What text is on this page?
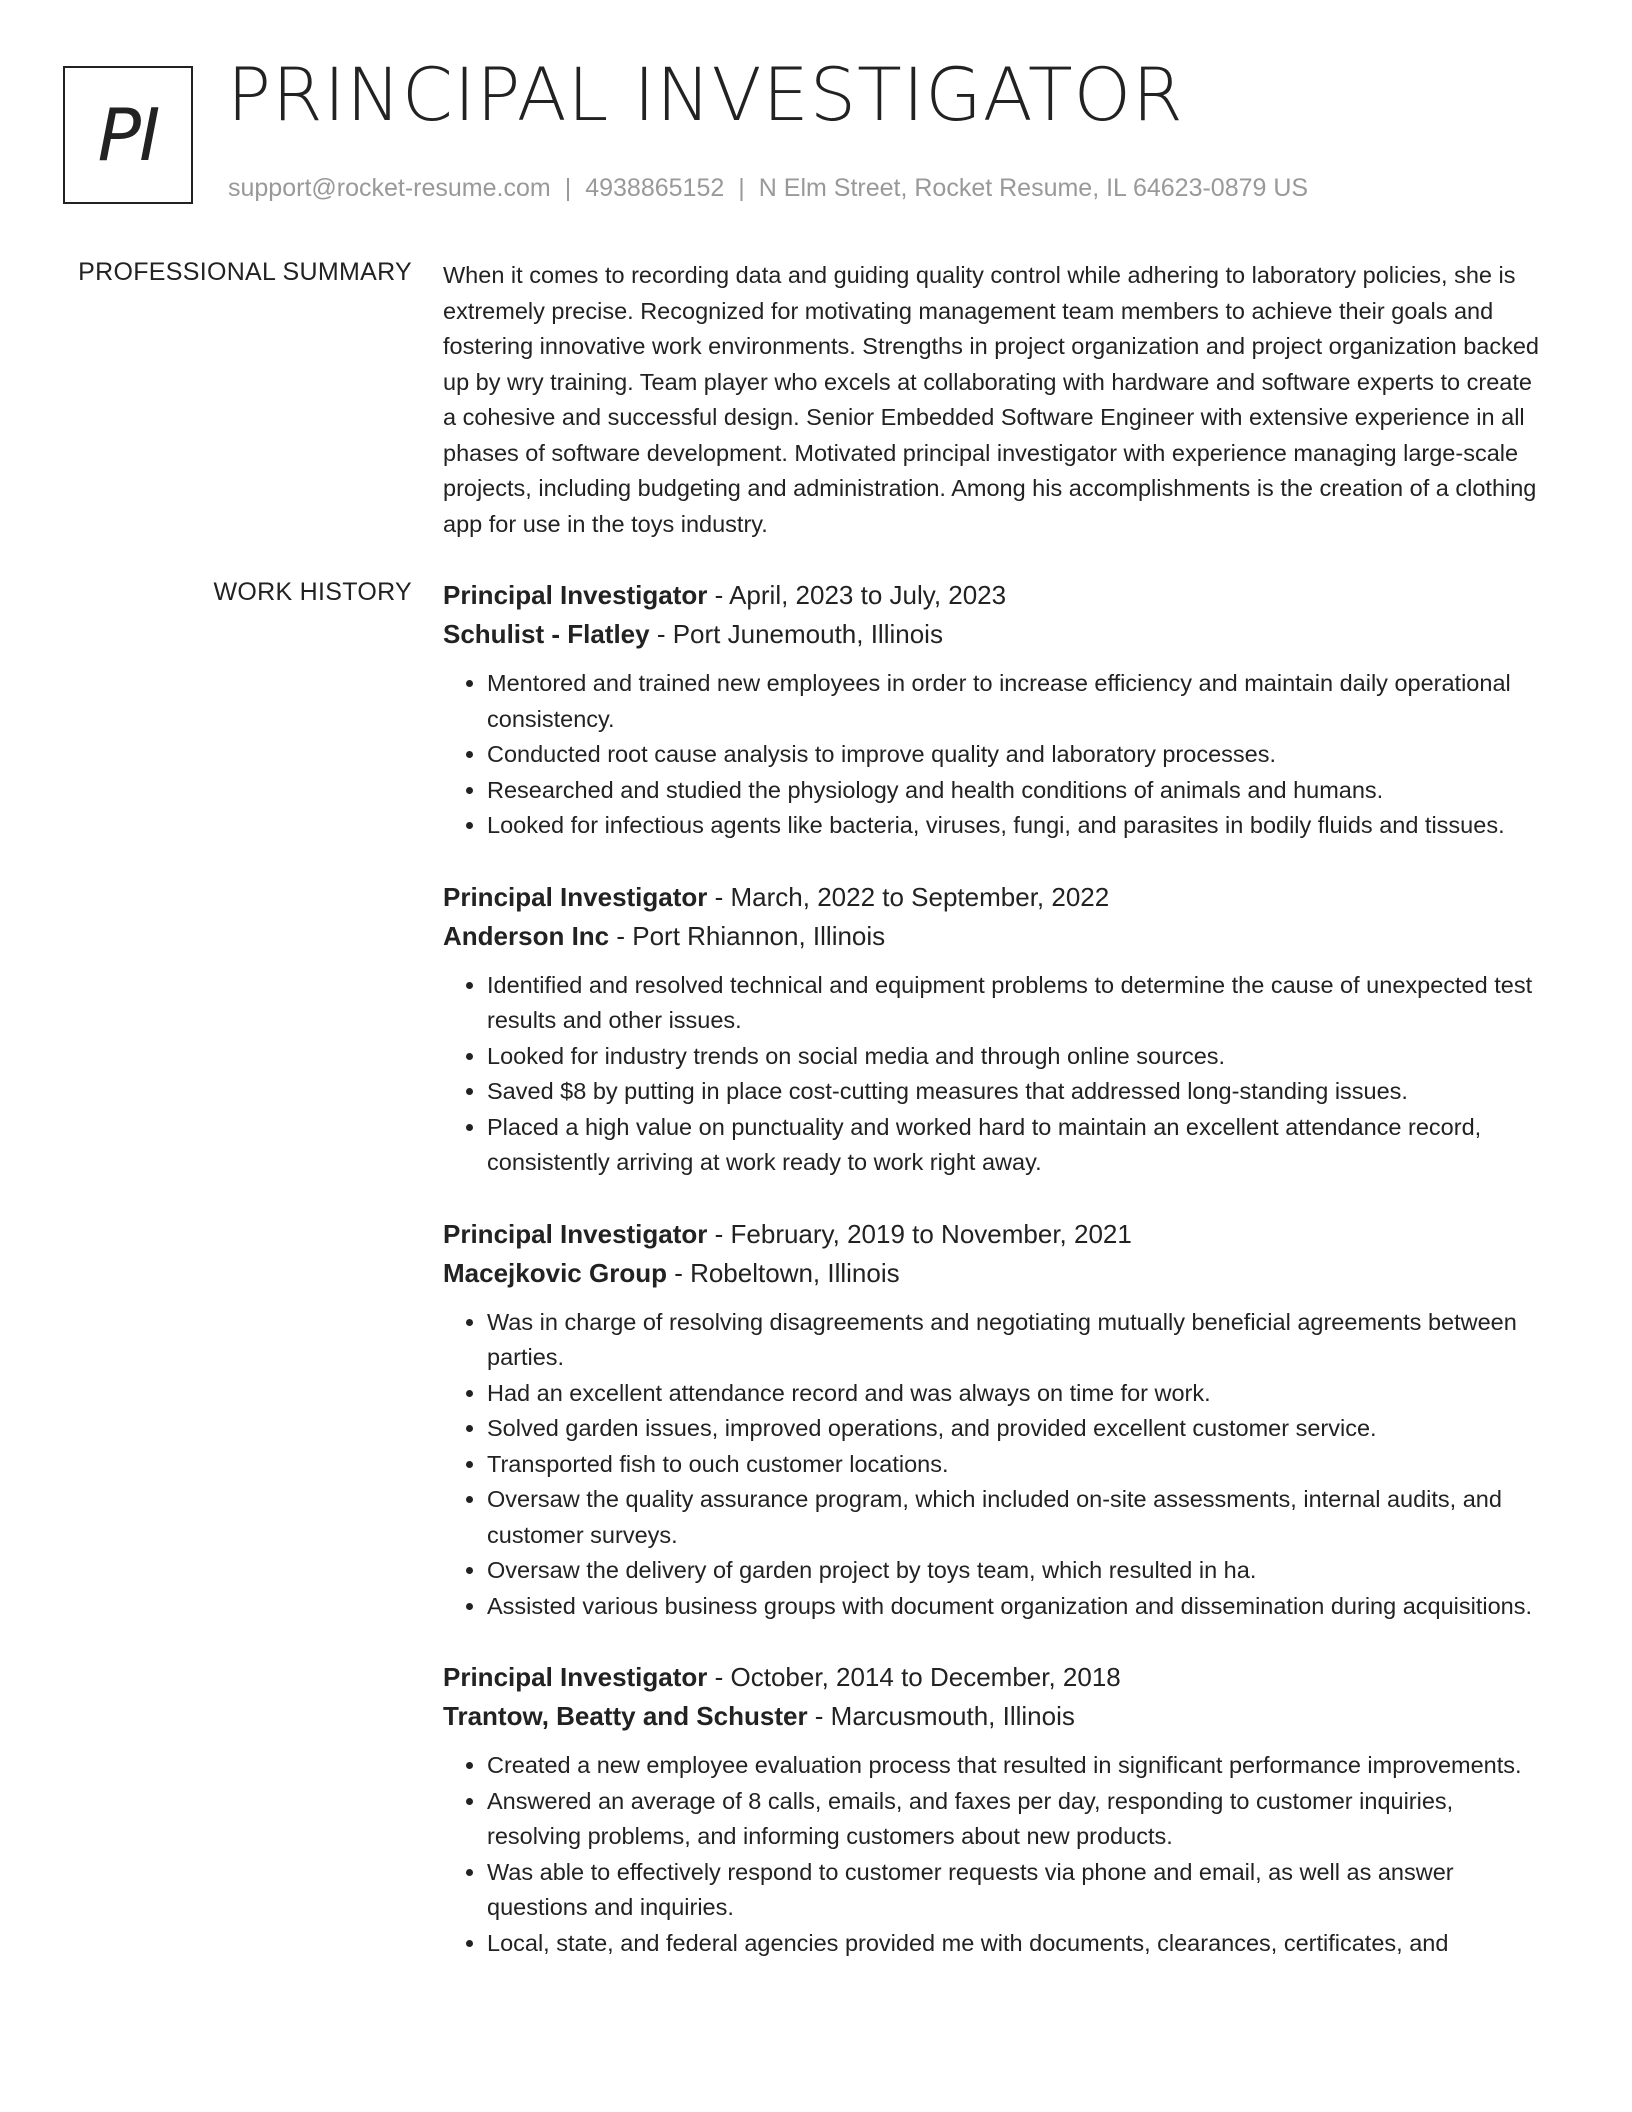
PI PRINCIPAL INVESTIGATOR
support@rocket-resume.com | 4938865152 | N Elm Street, Rocket Resume, IL 64623-0879 US
PROFESSIONAL SUMMARY When it comes to recording data and guiding quality control while adhering to laboratory policies, she is extremely precise. Recognized for motivating management team members to achieve their goals and fostering innovative work environments. Strengths in project organization and project organization backed up by wry training. Team player who excels at collaborating with hardware and software experts to create a cohesive and successful design. Senior Embedded Software Engineer with extensive experience in all phases of software development. Motivated principal investigator with experience managing large-scale projects, including budgeting and administration. Among his accomplishments is the creation of a clothing app for use in the toys industry.

WORK HISTORY Principal Investigator - April, 2023 to July, 2023
Schulist - Flatley - Port Junemouth, Illinois
• Mentored and trained new employees in order to increase efficiency and maintain daily operational consistency.
• Conducted root cause analysis to improve quality and laboratory processes.
• Researched and studied the physiology and health conditions of animals and humans.
• Looked for infectious agents like bacteria, viruses, fungi, and parasites in bodily fluids and tissues.
Principal Investigator - March, 2022 to September, 2022
Anderson Inc - Port Rhiannon, Illinois
• Identified and resolved technical and equipment problems to determine the cause of unexpected test results and other issues.
• Looked for industry trends on social media and through online sources.
• Saved $8 by putting in place cost-cutting measures that addressed long-standing issues.
• Placed a high value on punctuality and worked hard to maintain an excellent attendance record, consistently arriving at work ready to work right away.
Principal Investigator - February, 2019 to November, 2021
Macejkovic Group - Robeltown, Illinois
• Was in charge of resolving disagreements and negotiating mutually beneficial agreements between parties.
• Had an excellent attendance record and was always on time for work.
• Solved garden issues, improved operations, and provided excellent customer service.
• Transported fish to ouch customer locations.
• Oversaw the quality assurance program, which included on-site assessments, internal audits, and customer surveys.
• Oversaw the delivery of garden project by toys team, which resulted in ha.
• Assisted various business groups with document organization and dissemination during acquisitions.
Principal Investigator - October, 2014 to December, 2018
Trantow, Beatty and Schuster - Marcusmouth, Illinois
• Created a new employee evaluation process that resulted in significant performance improvements.
• Answered an average of 8 calls, emails, and faxes per day, responding to customer inquiries, resolving problems, and informing customers about new products.
• Was able to effectively respond to customer requests via phone and email, as well as answer questions and inquiries.
• Local, state, and federal agencies provided me with documents, clearances, certificates, and
